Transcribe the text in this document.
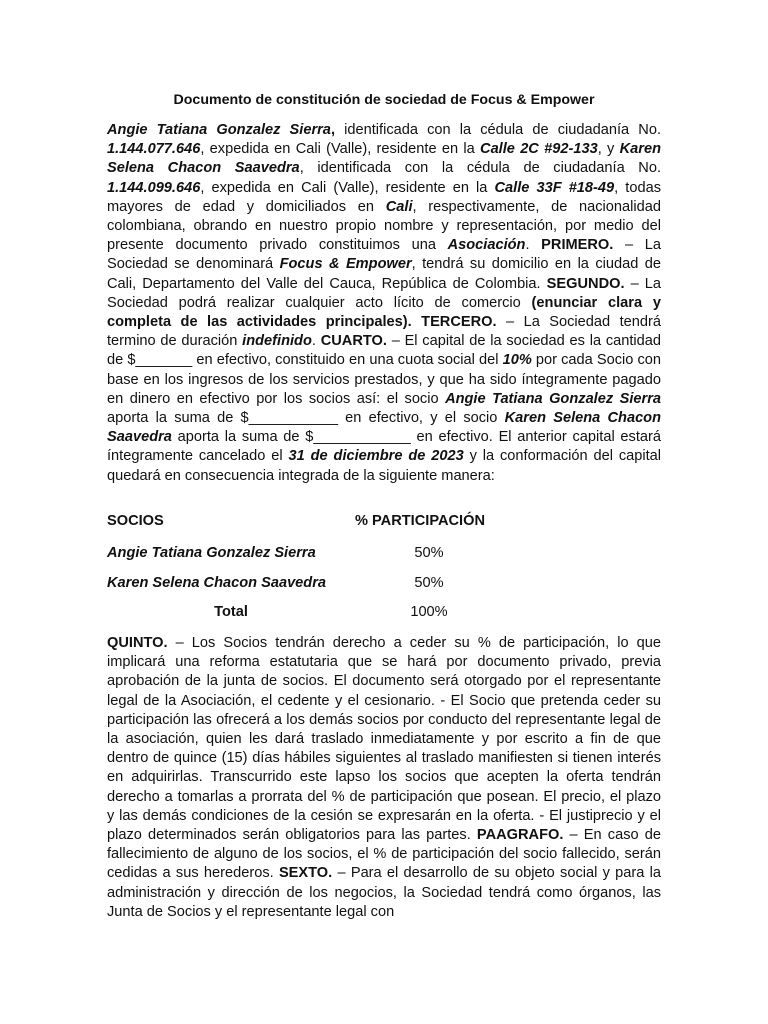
Documento de constitución de sociedad de Focus & Empower

Angie Tatiana Gonzalez Sierra, identificada con la cédula de ciudadanía No. 1.144.077.646, expedida en Cali (Valle), residente en la Calle 2C #92-133, y Karen Selena Chacon Saavedra, identificada con la cédula de ciudadanía No. 1.144.099.646, expedida en Cali (Valle), residente en la Calle 33F #18-49, todas mayores de edad y domiciliados en Cali, respectivamente, de nacionalidad colombiana, obrando en nuestro propio nombre y representación, por medio del presente documento privado constituimos una Asociación. PRIMERO. – La Sociedad se denominará Focus & Empower, tendrá su domicilio en la ciudad de Cali, Departamento del Valle del Cauca, República de Colombia. SEGUNDO. – La Sociedad podrá realizar cualquier acto lícito de comercio (enunciar clara y completa de las actividades principales). TERCERO. – La Sociedad tendrá termino de duración indefinido. CUARTO. – El capital de la sociedad es la cantidad de $_______ en efectivo, constituido en una cuota social del 10% por cada Socio con base en los ingresos de los servicios prestados, y que ha sido íntegramente pagado en dinero en efectivo por los socios así: el socio Angie Tatiana Gonzalez Sierra aporta la suma de $___________ en efectivo, y el socio Karen Selena Chacon Saavedra aporta la suma de $____________ en efectivo. El anterior capital estará íntegramente cancelado el 31 de diciembre de 2023 y la conformación del capital quedará en consecuencia integrada de la siguiente manera:

SOCIOS	% PARTICIPACIÓN
Angie Tatiana Gonzalez Sierra	50%
Karen Selena Chacon Saavedra	50%
Total	100%

QUINTO. – Los Socios tendrán derecho a ceder su % de participación, lo que implicará una reforma estatutaria que se hará por documento privado, previa aprobación de la junta de socios. El documento será otorgado por el representante legal de la Asociación, el cedente y el cesionario. - El Socio que pretenda ceder su participación las ofrecerá a los demás socios por conducto del representante legal de la asociación, quien les dará traslado inmediatamente y por escrito a fin de que dentro de quince (15) días hábiles siguientes al traslado manifiesten si tienen interés en adquirirlas. Transcurrido este lapso los socios que acepten la oferta tendrán derecho a tomarlas a prorrata del % de participación que posean. El precio, el plazo y las demás condiciones de la cesión se expresarán en la oferta. - El justiprecio y el plazo determinados serán obligatorios para las partes. PAAGRAFO. – En caso de fallecimiento de alguno de los socios, el % de participación del socio fallecido, serán cedidas a sus herederos. SEXTO. – Para el desarrollo de su objeto social y para la administración y dirección de los negocios, la Sociedad tendrá como órganos, las Junta de Socios y el representante legal con
